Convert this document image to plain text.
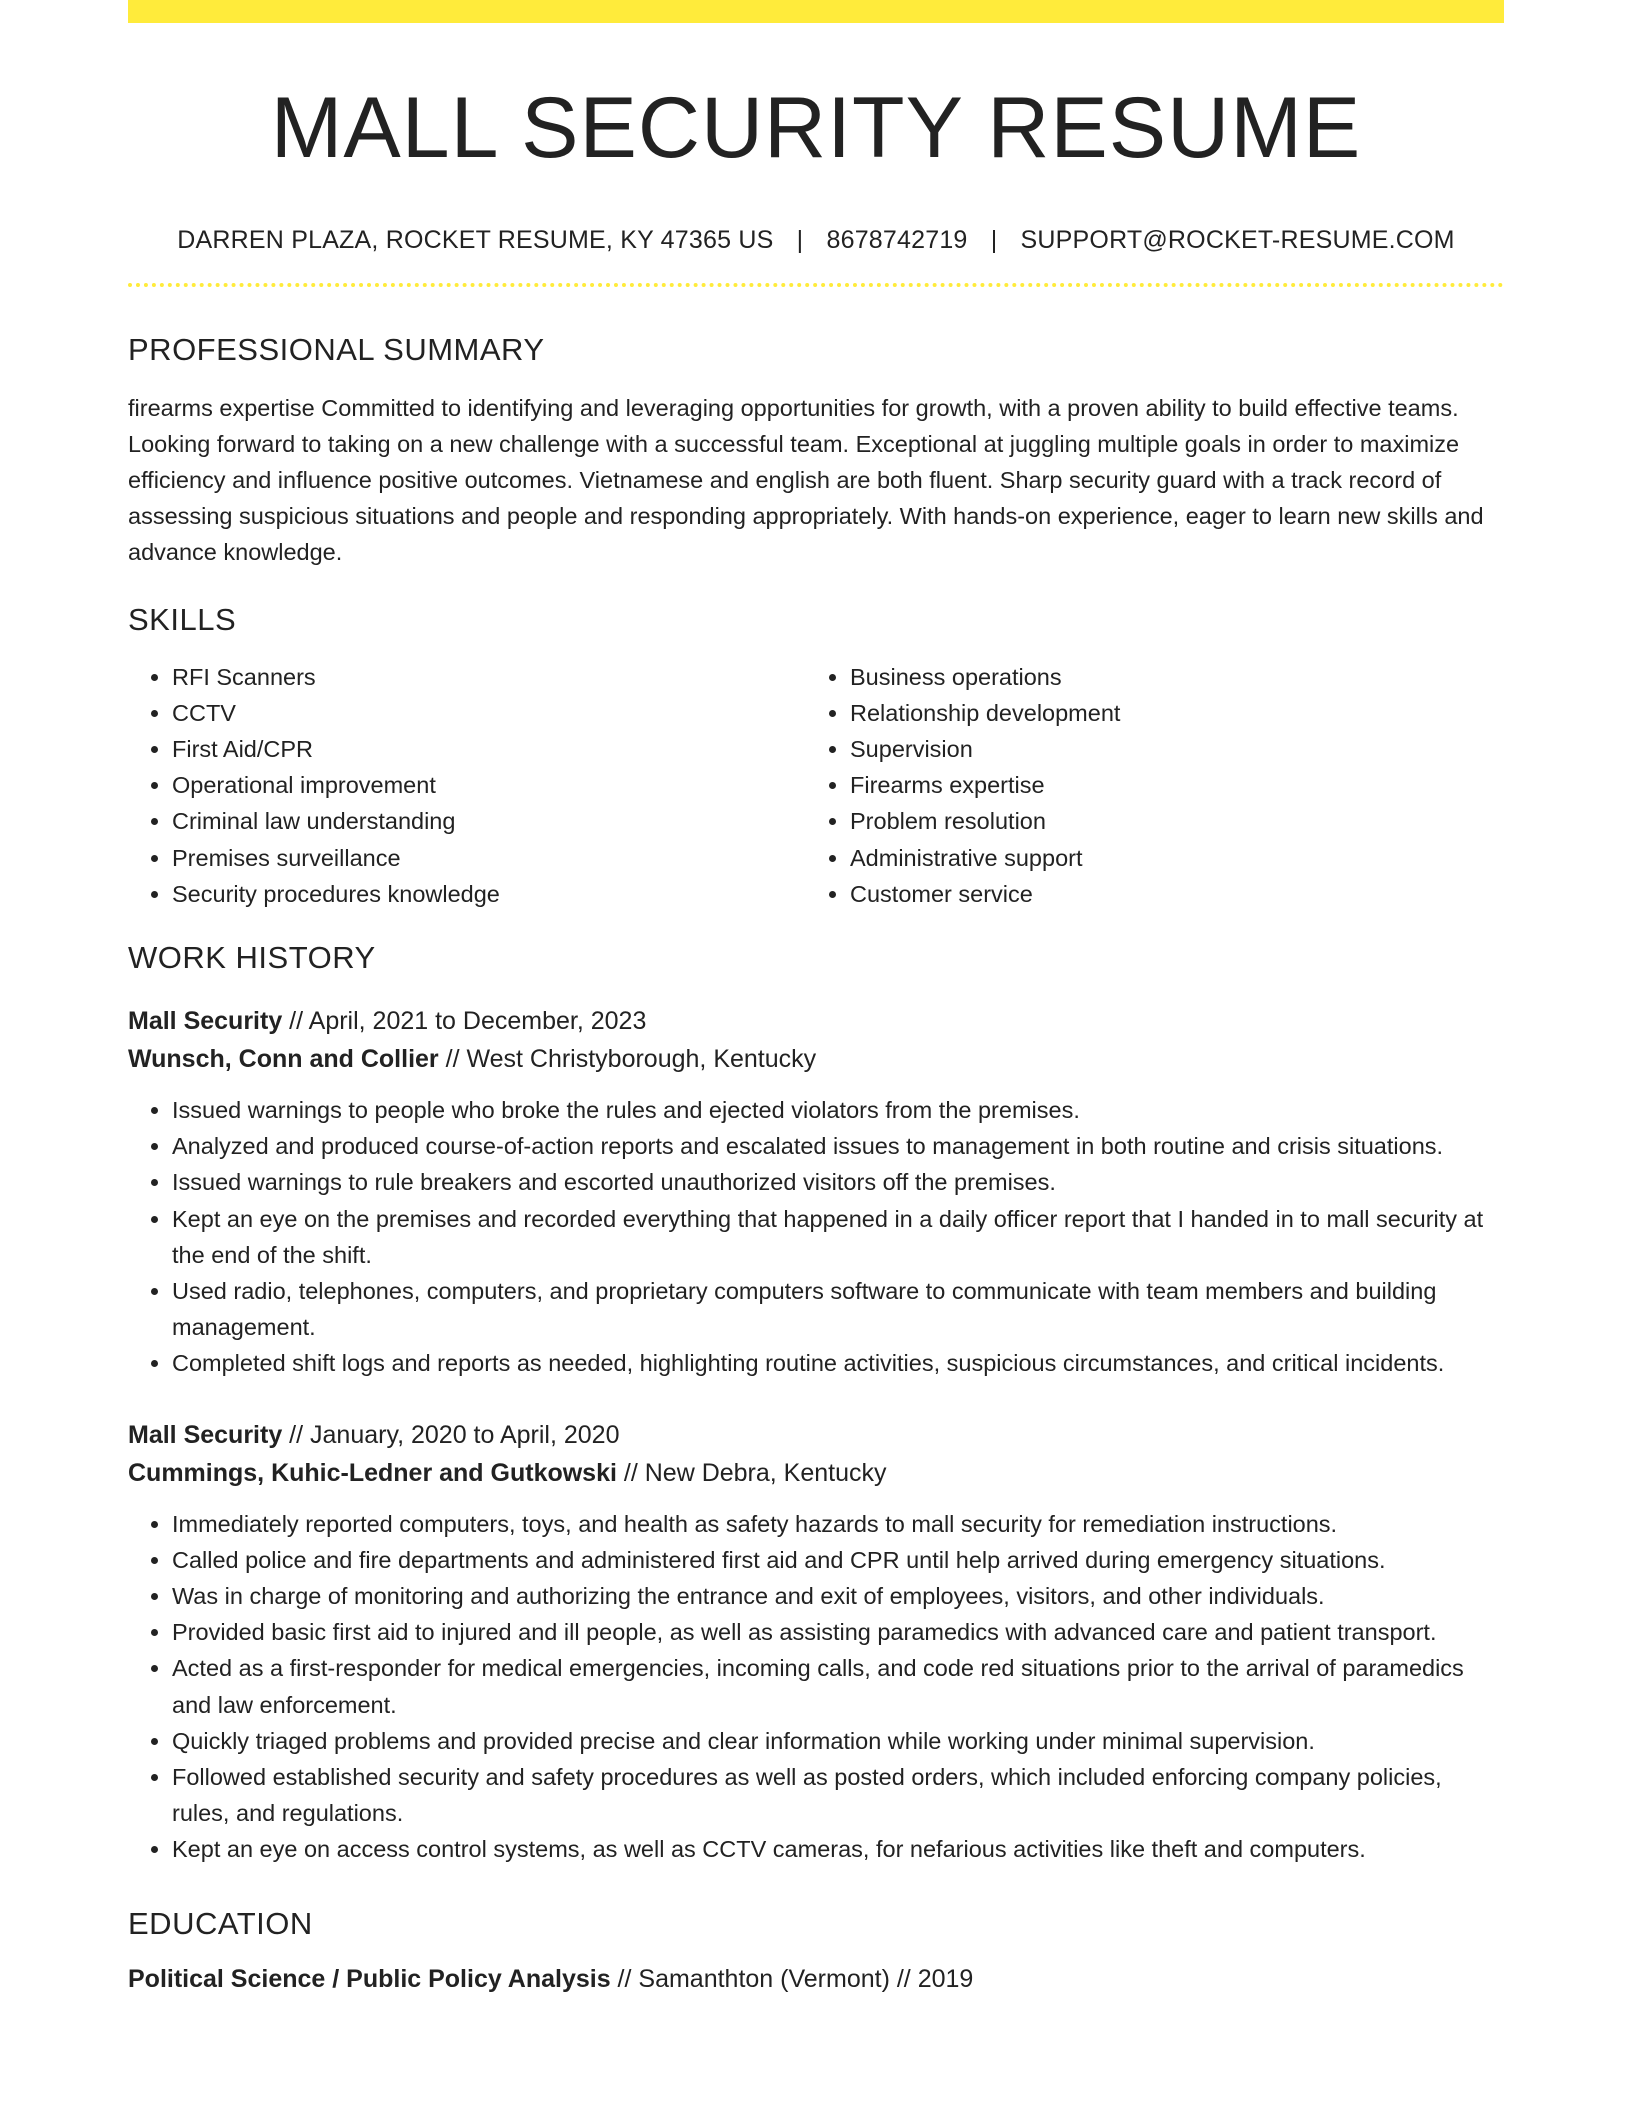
MALL SECURITY RESUME
DARREN PLAZA, ROCKET RESUME, KY 47365 US | 8678742719 | SUPPORT@ROCKET-RESUME.COM
PROFESSIONAL SUMMARY

firearms expertise Committed to identifying and leveraging opportunities for growth, with a proven ability to build effective teams. Looking forward to taking on a new challenge with a successful team. Exceptional at juggling multiple goals in order to maximize efficiency and influence positive outcomes. Vietnamese and english are both fluent. Sharp security guard with a track record of assessing suspicious situations and people and responding appropriately. With hands-on experience, eager to learn new skills and advance knowledge.

SKILLS
• RFI Scanners
• CCTV
• First Aid/CPR
• Operational improvement
• Criminal law understanding
• Premises surveillance
• Security procedures knowledge
• Business operations
• Relationship development
• Supervision
• Firearms expertise
• Problem resolution
• Administrative support
• Customer service
WORK HISTORY
Mall Security // April, 2021 to December, 2023
Wunsch, Conn and Collier // West Christyborough, Kentucky
• Issued warnings to people who broke the rules and ejected violators from the premises.
• Analyzed and produced course-of-action reports and escalated issues to management in both routine and crisis situations.
• Issued warnings to rule breakers and escorted unauthorized visitors off the premises.
• Kept an eye on the premises and recorded everything that happened in a daily officer report that I handed in to mall security at the end of the shift.
• Used radio, telephones, computers, and proprietary computers software to communicate with team members and building management.
• Completed shift logs and reports as needed, highlighting routine activities, suspicious circumstances, and critical incidents.
Mall Security // January, 2020 to April, 2020
Cummings, Kuhic-Ledner and Gutkowski // New Debra, Kentucky
• Immediately reported computers, toys, and health as safety hazards to mall security for remediation instructions.
• Called police and fire departments and administered first aid and CPR until help arrived during emergency situations.
• Was in charge of monitoring and authorizing the entrance and exit of employees, visitors, and other individuals.
• Provided basic first aid to injured and ill people, as well as assisting paramedics with advanced care and patient transport.
• Acted as a first-responder for medical emergencies, incoming calls, and code red situations prior to the arrival of paramedics and law enforcement.
• Quickly triaged problems and provided precise and clear information while working under minimal supervision.
• Followed established security and safety procedures as well as posted orders, which included enforcing company policies, rules, and regulations.
• Kept an eye on access control systems, as well as CCTV cameras, for nefarious activities like theft and computers.
EDUCATION
Political Science / Public Policy Analysis // Samanthton (Vermont) // 2019
